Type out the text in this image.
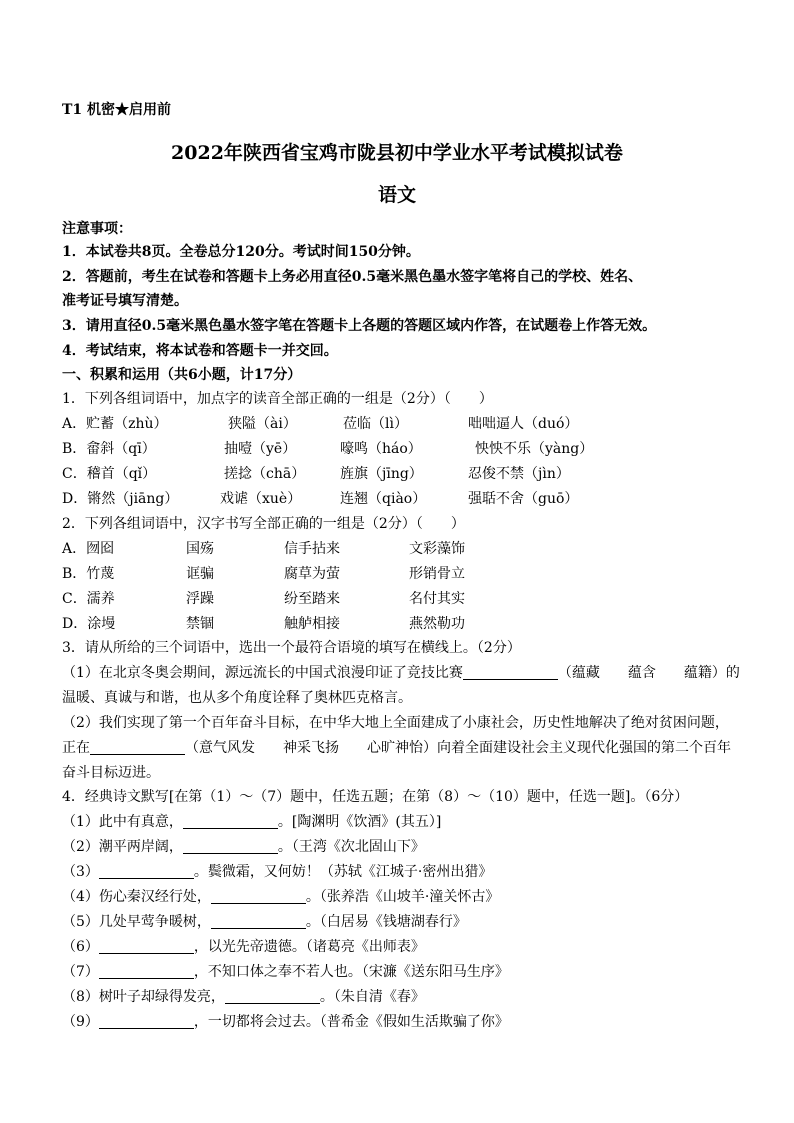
T1 机密★启用前
2022年陕西省宝鸡市陇县初中学业水平考试模拟试卷
语文
注意事项：
1．本试卷共8页。全卷总分120分。考试时间150分钟。
2．答题前，考生在试卷和答题卡上务必用直径0.5毫米黑色墨水签字笔将自己的学校、姓名、
准考证号填写清楚。
3．请用直径0.5毫米黑色墨水签字笔在答题卡上各题的答题区域内作答，在试题卷上作答无效。
4．考试结束，将本试卷和答题卡一并交回。
一、积累和运用（共6小题，计17分）
1．下列各组词语中，加点字的读音全部正确的一组是（2分）（　　）
A．贮蓄（zhù）	狭隘（ài）	莅临（lì）	咄咄逼人（duó）
B．畲斜（qī）	抽噎（yē）	嚎鸣（háo）	怏怏不乐（yàng）
C．稽首（qǐ）	搓捻（chā） 旌旗（jīng）	忍俊不禁（jìn）
D．锵然（jiāng）	戏谑（xuè）	连翘（qiào）	强聒不舍（guō）
2．下列各组词语中，汉字书写全部正确的一组是（2分）（　　）
A．囫囵	国殇	信手拈来	文彩藻饰
B．竹蔑	诓骗	腐草为萤	形销骨立
C．濡养	浮躁	纷至踏来	名付其实
D．涂墁	禁锢	触舻相接	燕然勒功
3．请从所给的三个词语中，选出一个最符合语境的填写在横线上。（2分）
（1）在北京冬奥会期间，源远流长的中国式浪漫印证了竞技比赛	（蕴藏　　蕴含　　蕴籍）的
温暖、真诚与和谐，也从多个角度诠释了奥林匹克格言。
（2）我们实现了第一个百年奋斗目标，在中华大地上全面建成了小康社会，历史性地解决了绝对贫困问题，
正在	（意气风发　　神采飞扬　　心旷神怡）向着全面建设社会主义现代化强国的第二个百年
奋斗目标迈进。
4．经典诗文默写[在第（1）～（7）题中，任选五题；在第（8）～（10）题中，任选一题]。（6分）
（1）此中有真意，	。[陶渊明《饮酒》(其五）]
（2）潮平两岸阔，	。（王湾《次北固山下》
（3）	。鬓微霜，又何妨！（苏轼《江城子·密州出猎》
（4）伤心秦汉经行处，	。（张养浩《山坡羊·潼关怀古》
（5）几处早莺争暖树，	。（白居易《钱塘湖春行》
（6）	，以光先帝遗德。（诸葛亮《出师表》
（7）	，不知口体之奉不若人也。（宋濂《送东阳马生序》
（8）树叶子却绿得发亮，	。（朱自清《春》
（9）	，一切都将会过去。（普希金《假如生活欺骗了你》
